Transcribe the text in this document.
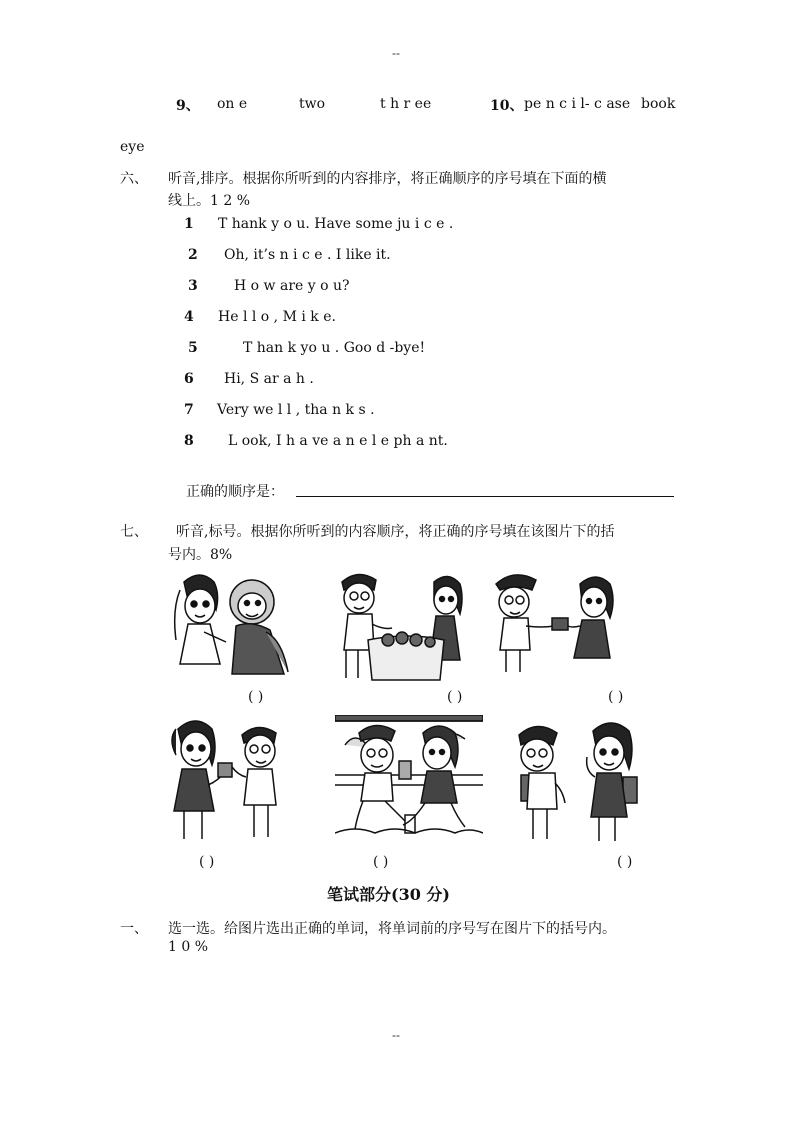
--
9、 on e	two	t h r ee	10、 pe n c i l- c ase book
eye
六、 听音,排序。根据你所听到的内容排序，将正确顺序的序号填在下面的横
线上。1 2 %
1 T hank y o u. Have some ju i c e .
2 Oh, it’s n i c e . I like it.
3	H o w are y o u?
4 He l l o , M i k e.
5	T han k yo u . Goo d -bye!
6 Hi, S ar a h .
7 Very we l l , tha n k s .
8 L ook, I h a ve a n e l e ph a nt.
正确的顺序是：
七、 听音,标号。根据你所听到的内容顺序，将正确的序号填在该图片下的括
号内。8%
( )	( )	( )
( )	( )	( )
笔试部分(30 分)
一、 选一选。给图片选出正确的单词，将单词前的序号写在图片下的括号内。
1 0 %
--
